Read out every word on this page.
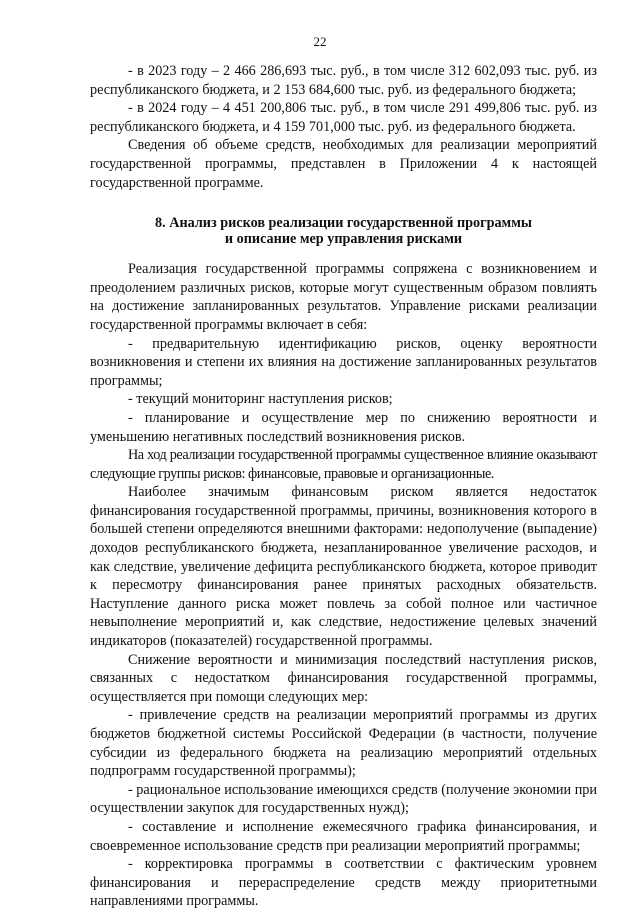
22

- в 2023 году – 2 466 286,693 тыс. руб., в том числе 312 602,093 тыс. руб. из республиканского бюджета, и 2 153 684,600 тыс. руб. из федерального бюджета;

- в 2024 году – 4 451 200,806 тыс. руб., в том числе 291 499,806 тыс. руб. из республиканского бюджета, и 4 159 701,000 тыс. руб. из федерального бюджета.

Сведения об объеме средств, необходимых для реализации мероприятий государственной программы, представлен в Приложении 4 к настоящей государственной программе.

8. Анализ рисков реализации государственной программы
и описание мер управления рисками

Реализация государственной программы сопряжена с возникновением и преодолением различных рисков, которые могут существенным образом повлиять на достижение запланированных результатов. Управление рисками реализации государственной программы включает в себя:

- предварительную идентификацию рисков, оценку вероятности возникновения и степени их влияния на достижение запланированных результатов программы;

- текущий мониторинг наступления рисков;

- планирование и осуществление мер по снижению вероятности и уменьшению негативных последствий возникновения рисков.

На ход реализации государственной программы существенное влияние оказывают следующие группы рисков: финансовые, правовые и организационные.

Наиболее значимым финансовым риском является недостаток финансирования государственной программы, причины, возникновения которого в большей степени определяются внешними факторами: недополучение (выпадение) доходов республиканского бюджета, незапланированное увеличение расходов, и как следствие, увеличение дефицита республиканского бюджета, которое приводит к пересмотру финансирования ранее принятых расходных обязательств. Наступление данного риска может повлечь за собой полное или частичное невыполнение мероприятий и, как следствие, недостижение целевых значений индикаторов (показателей) государственной программы.

Снижение вероятности и минимизация последствий наступления рисков, связанных с недостатком финансирования государственной программы, осуществляется при помощи следующих мер:

- привлечение средств на реализации мероприятий программы из других бюджетов бюджетной системы Российской Федерации (в частности, получение субсидии из федерального бюджета на реализацию мероприятий отдельных подпрограмм государственной программы);

- рациональное использование имеющихся средств (получение экономии при осуществлении закупок для государственных нужд);

- составление и исполнение ежемесячного графика финансирования, и своевременное использование средств при реализации мероприятий программы;

- корректировка программы в соответствии с фактическим уровнем финансирования и перераспределение средств между приоритетными направлениями программы.
